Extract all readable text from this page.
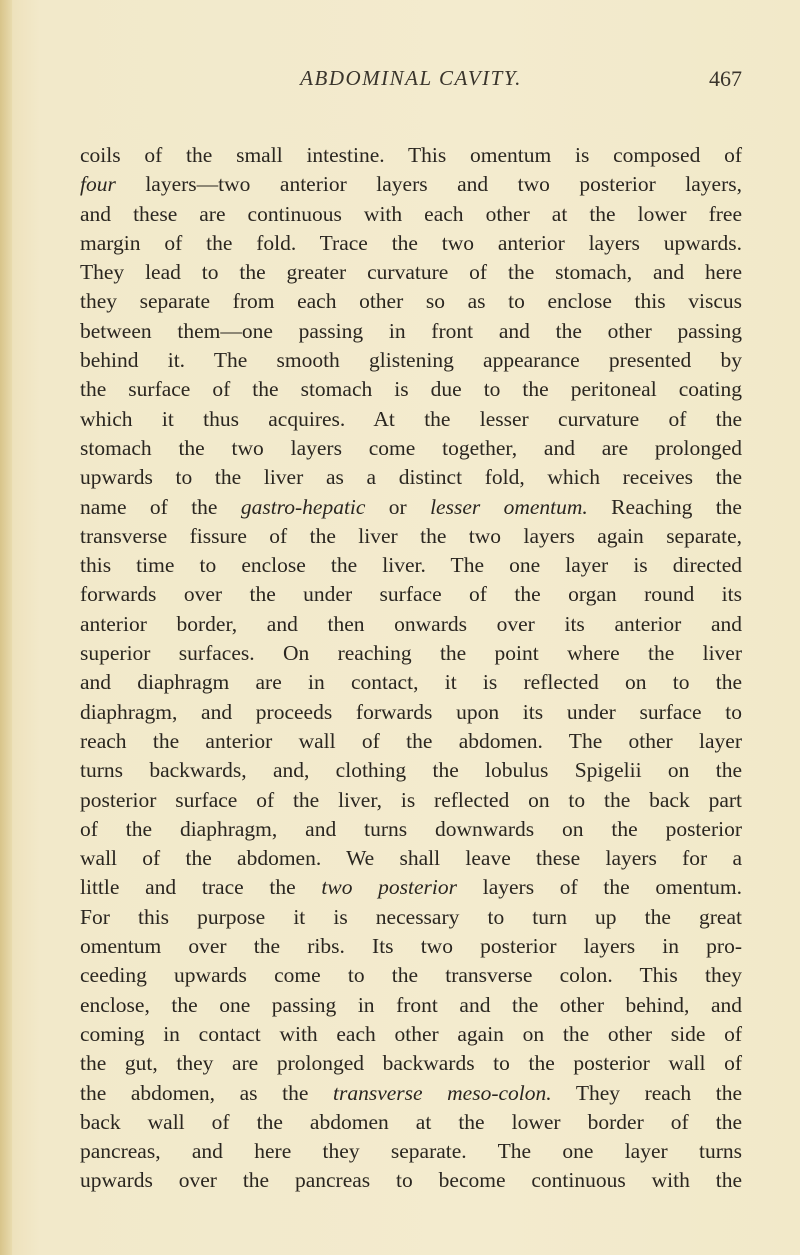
ABDOMINAL CAVITY.	467
coils of the small intestine. This omentum is composed of
four layers—two anterior layers and two posterior layers,
and these are continuous with each other at the lower free
margin of the fold. Trace the two anterior layers upwards.
They lead to the greater curvature of the stomach, and here
they separate from each other so as to enclose this viscus
between them—one passing in front and the other passing
behind it. The smooth glistening appearance presented by
the surface of the stomach is due to the peritoneal coating
which it thus acquires. At the lesser curvature of the
stomach the two layers come together, and are prolonged
upwards to the liver as a distinct fold, which receives the
name of the gastro-hepatic or lesser omentum. Reaching the
transverse fissure of the liver the two layers again separate,
this time to enclose the liver. The one layer is directed
forwards over the under surface of the organ round its
anterior border, and then onwards over its anterior and
superior surfaces. On reaching the point where the liver
and diaphragm are in contact, it is reflected on to the
diaphragm, and proceeds forwards upon its under surface to
reach the anterior wall of the abdomen. The other layer
turns backwards, and, clothing the lobulus Spigelii on the
posterior surface of the liver, is reflected on to the back part
of the diaphragm, and turns downwards on the posterior
wall of the abdomen. We shall leave these layers for a
little and trace the two posterior layers of the omentum.
For this purpose it is necessary to turn up the great
omentum over the ribs. Its two posterior layers in pro-
ceeding upwards come to the transverse colon. This they
enclose, the one passing in front and the other behind, and
coming in contact with each other again on the other side of
the gut, they are prolonged backwards to the posterior wall of
the abdomen, as the transverse meso-colon. They reach the
back wall of the abdomen at the lower border of the
pancreas, and here they separate. The one layer turns
upwards over the pancreas to become continuous with the
